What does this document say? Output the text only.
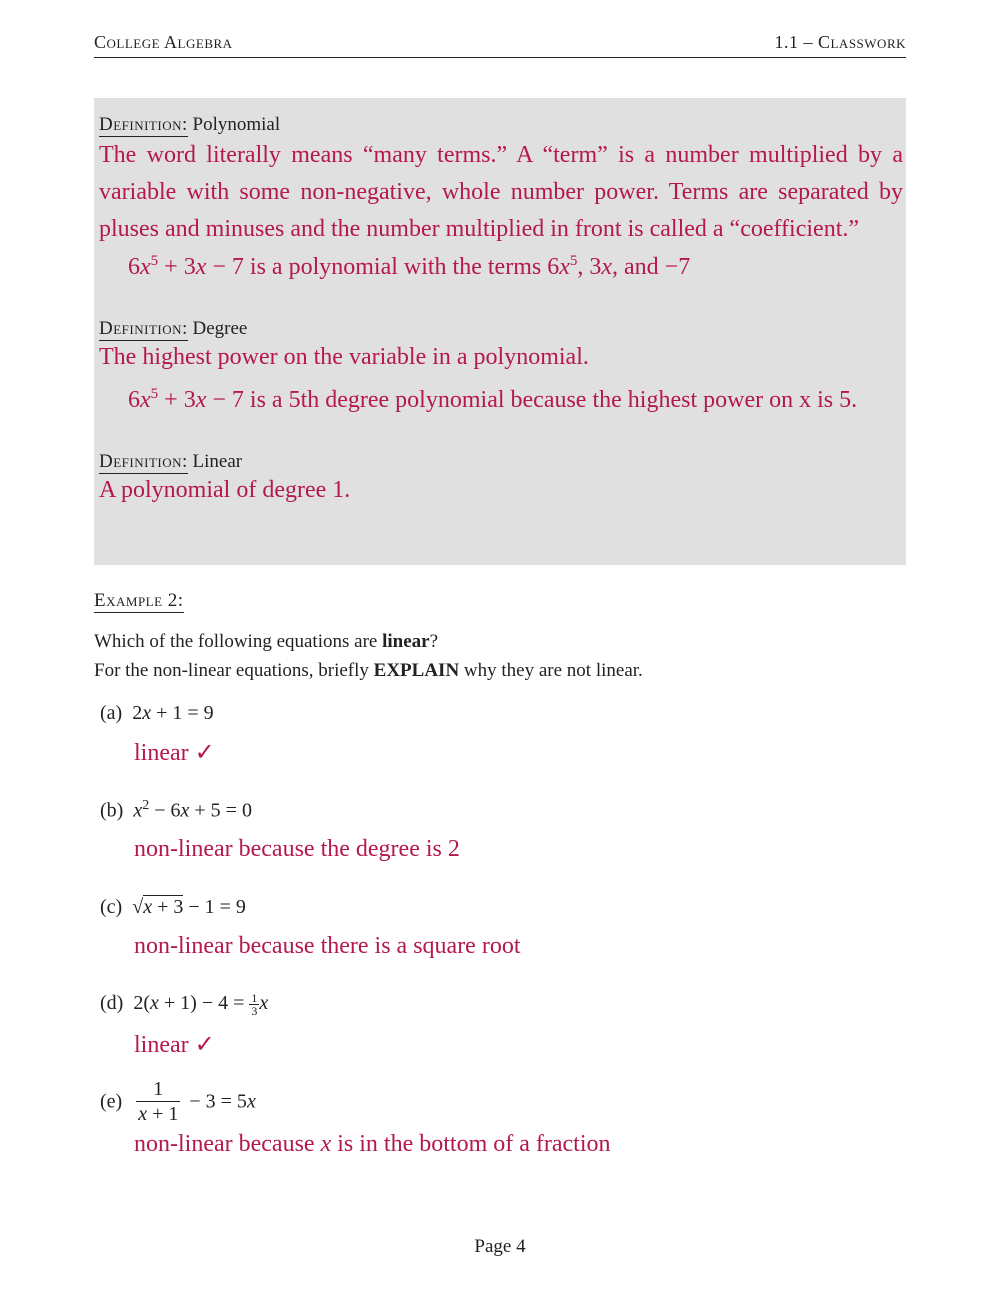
College Algebra	1.1 – Classwork
Definition: Polynomial
The word literally means “many terms.” A “term” is a number multiplied by a variable with some non-negative, whole number power. Terms are separated by pluses and minuses and the number multiplied in front is called a “coefficient.”
$6x^5 + 3x - 7$ is a polynomial with the terms $6x^5$, 3x, and −7
Definition: Degree
The highest power on the variable in a polynomial.
$6x^5 + 3x - 7$ is a 5th degree polynomial because the highest power on x is 5.
Definition: Linear
A polynomial of degree 1.
Example 2:
Which of the following equations are linear?
For the non-linear equations, briefly EXPLAIN why they are not linear.
(a)  2x + 1 = 9
linear ✓
(b) $x^2 - 6x + 5 = 0$
non-linear because the degree is 2
(c)  √x + 3 − 1 = 9
non-linear because there is a square root
(d)  $2(x + 1) - 4 = \frac{1}{3}$ x
linear ✓
$(e) \frac{1}{x + 1} - 3 = 5x$
non-linear because x is in the bottom of a fraction
Page 4
